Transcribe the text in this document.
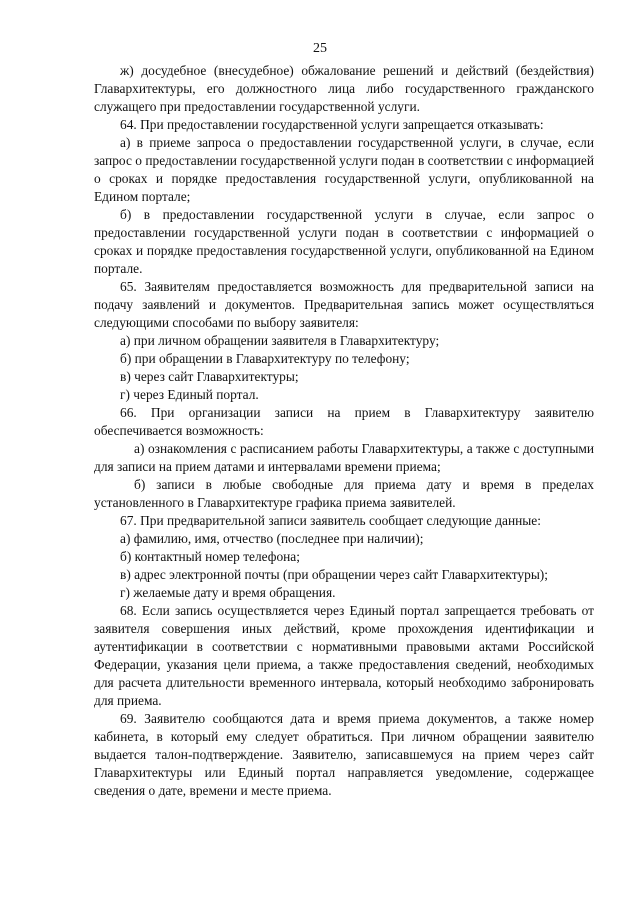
25

ж) досудебное (внесудебное) обжалование решений и действий (бездействия) Главархитектуры, его должностного лица либо государственного гражданского служащего при предоставлении государственной услуги.

64. При предоставлении государственной услуги запрещается отказывать:

а) в приеме запроса о предоставлении государственной услуги, в случае, если запрос о предоставлении государственной услуги подан в соответствии с информацией о сроках и порядке предоставления государственной услуги, опубликованной на Едином портале;

б) в предоставлении государственной услуги в случае, если запрос о предоставлении государственной услуги подан в соответствии с информацией о сроках и порядке предоставления государственной услуги, опубликованной на Едином портале.

65. Заявителям предоставляется возможность для предварительной записи на подачу заявлений и документов. Предварительная запись может осуществляться следующими способами по выбору заявителя:

а) при личном обращении заявителя в Главархитектуру;

б) при обращении в Главархитектуру по телефону;

в) через сайт Главархитектуры;

г) через Единый портал.

66. При организации записи на прием в Главархитектуру заявителю обеспечивается возможность:

а) ознакомления с расписанием работы Главархитектуры, а также с доступными для записи на прием датами и интервалами времени приема;

б) записи в любые свободные для приема дату и время в пределах установленного в Главархитектуре графика приема заявителей.

67. При предварительной записи заявитель сообщает следующие данные:

а) фамилию, имя, отчество (последнее при наличии);

б) контактный номер телефона;

в) адрес электронной почты (при обращении через сайт Главархитектуры);

г) желаемые дату и время обращения.

68. Если запись осуществляется через Единый портал запрещается требовать от заявителя совершения иных действий, кроме прохождения идентификации и аутентификации в соответствии с нормативными правовыми актами Российской Федерации, указания цели приема, а также предоставления сведений, необходимых для расчета длительности временного интервала, который необходимо забронировать для приема.

69. Заявителю сообщаются дата и время приема документов, а также номер кабинета, в который ему следует обратиться. При личном обращении заявителю выдается талон-подтверждение. Заявителю, записавшемуся на прием через сайт Главархитектуры или Единый портал направляется уведомление, содержащее сведения о дате, времени и месте приема.
